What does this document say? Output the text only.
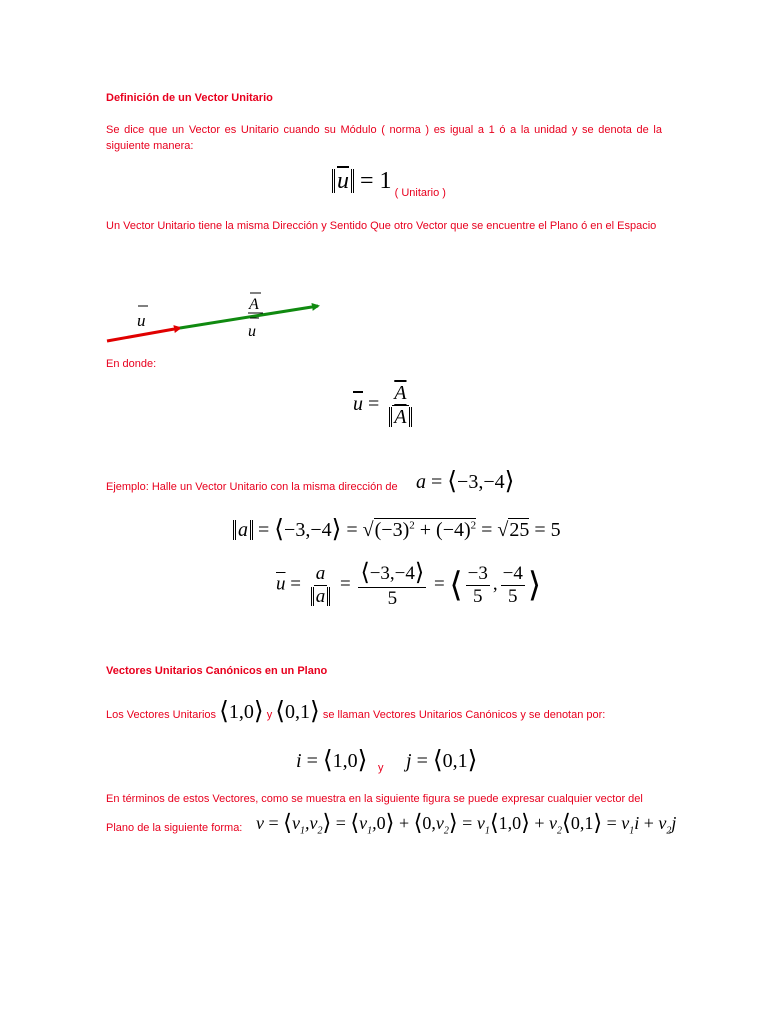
Definición de un Vector Unitario
Se dice que un Vector es Unitario cuando su Módulo ( norma ) es igual a 1 ó a la unidad y se denota de la siguiente manera:
$\overline{u} = 1$ ( Unitario )
Un Vector Unitario tiene la misma Dirección y Sentido Que otro Vector que se encuentre el Plano ó en el Espacio
u
A
u
En donde:
$\overline{u} = \frac{\overline{A}}{A}$
Ejemplo: Halle un Vector Unitario con la misma dirección de a = ⟨−3,−4⟩
a = ⟨−3,−4⟩ = $√(-3)^2 + (-4)^2 = √25 = 5$
$\overline{u} = \frac{a}{a} = \frac{⟨-3,-4⟩}{5}$ = ⟨ $\frac{-3}{5}$ , $\frac{-4}{5}$ ⟩
Vectores Unitarios Canónicos en un Plano
Los Vectores Unitarios ⟨1,0⟩ y ⟨0,1⟩ se llaman Vectores Unitarios Canónicos y se denotan por:
i = ⟨1,0⟩ y j = ⟨0,1⟩
En términos de estos Vectores, como se muestra en la siguiente figura se puede expresar cualquier vector del
Plano de la siguiente forma: $v = ⟨v_1,v_2⟩$ = $⟨v_1,0⟩$ + $⟨0,v_2⟩$ = $v_1⟨1,0⟩$ + $v_2⟨0,1⟩ = v_1i + v_2j$
